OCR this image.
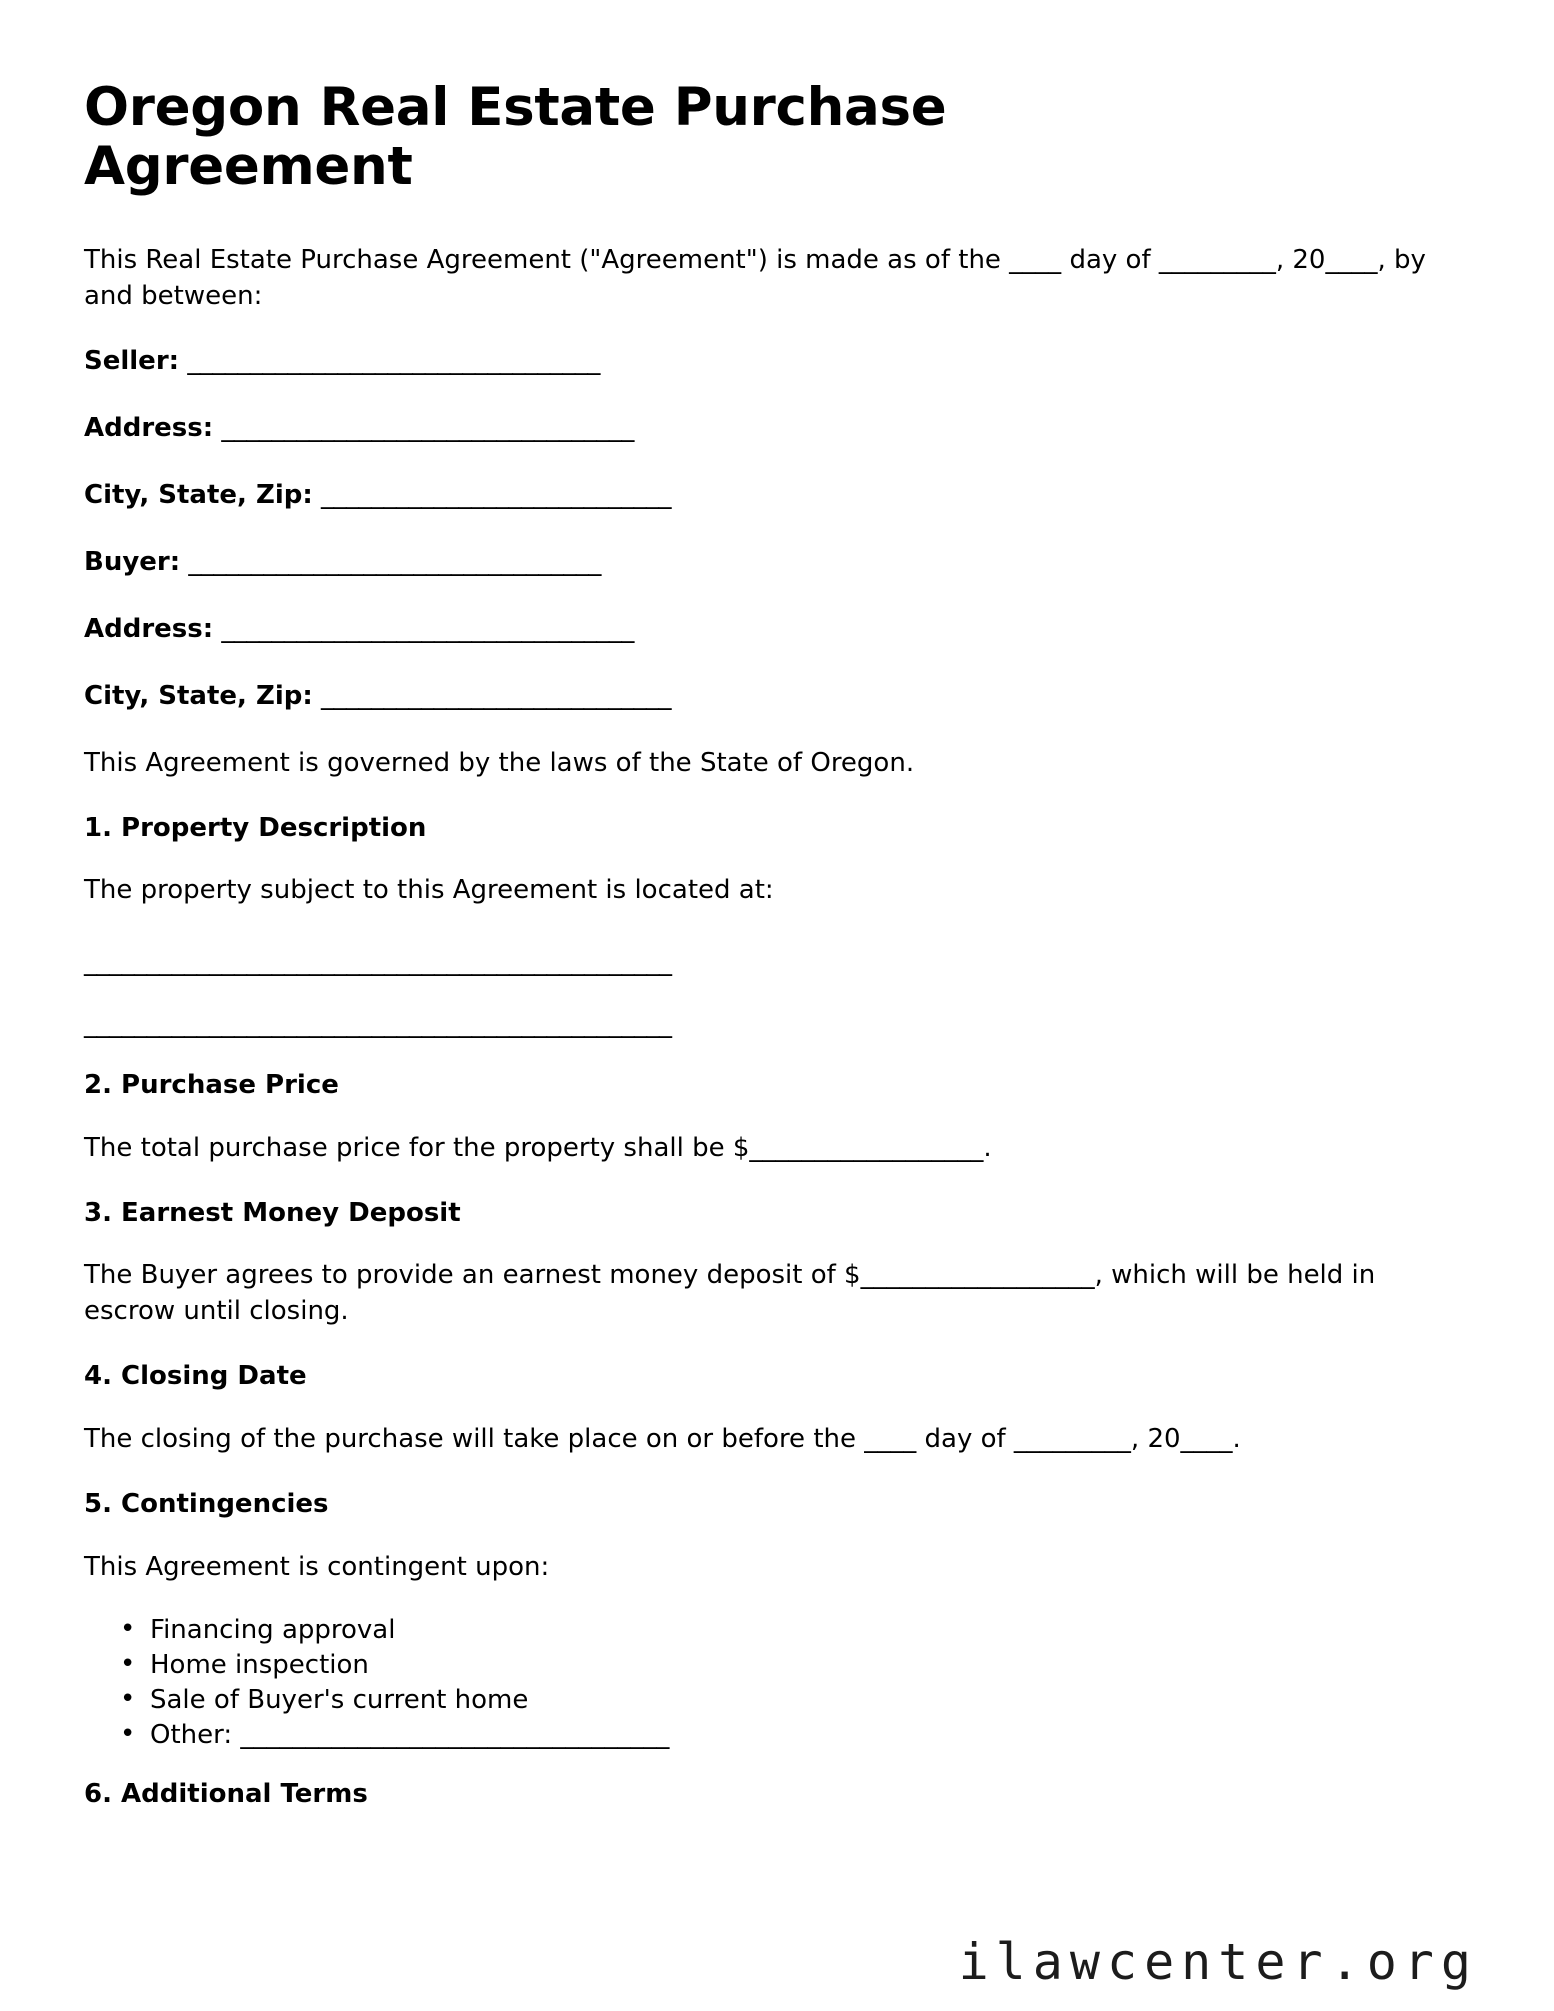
Oregon Real Estate Purchase Agreement

This Real Estate Purchase Agreement ("Agreement") is made as of the ____ day of _________, 20____, by and between:

Seller: _________________________________
Address: _________________________________
City, State, Zip: ____________________________
Buyer: _________________________________
Address: _________________________________
City, State, Zip: ____________________________

This Agreement is governed by the laws of the State of Oregon.

1. Property Description

The property subject to this Agreement is located at:

_______________________________________________
_______________________________________________
2. Purchase Price

The total purchase price for the property shall be $__________________.

3. Earnest Money Deposit

The Buyer agrees to provide an earnest money deposit of $__________________, which will be held in escrow until closing.

4. Closing Date

The closing of the purchase will take place on or before the ____ day of _________, 20____.

5. Contingencies

This Agreement is contingent upon:

• Financing approval
• Home inspection
• Sale of Buyer's current home
• Other: _________________________________
6. Additional Terms
ilawcenter.org
